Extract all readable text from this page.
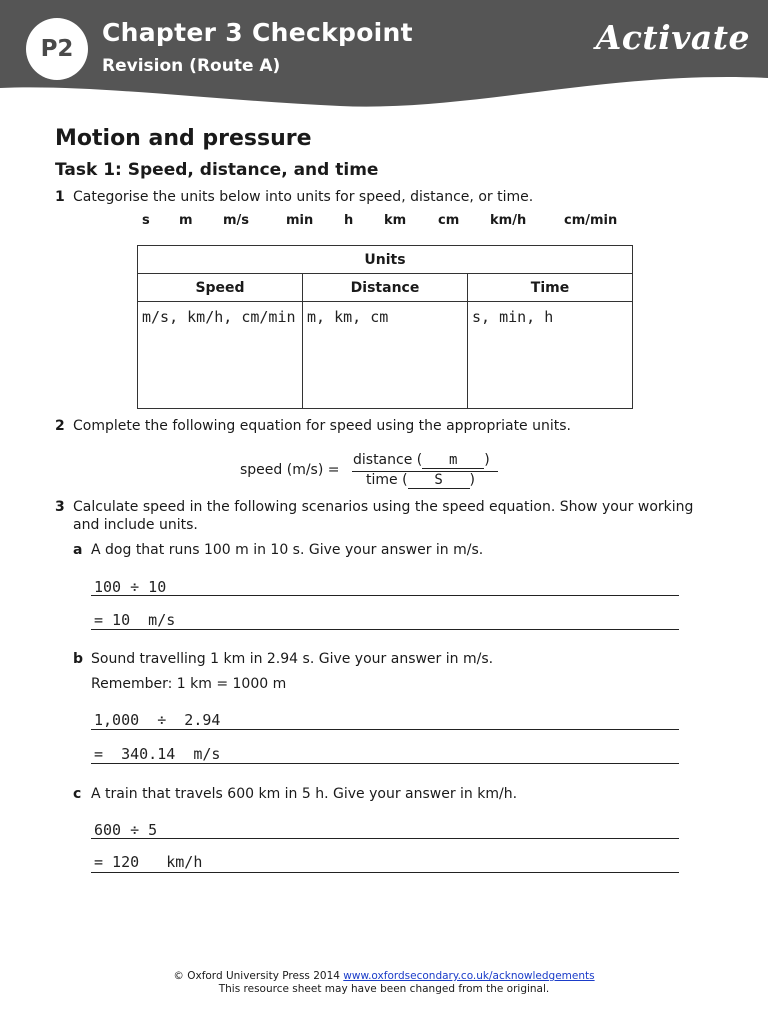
P2
Chapter 3 Checkpoint
Revision (Route A)
Activate
Motion and pressure
Task 1: Speed, distance, and time
1 Categorise the units below into units for speed, distance, or time.
s m m/s	min h km cm km/h	cm/min
Units		
Speed	Distance	Time
m/s, km/h, cm/min	m, km, cm	s, min, h
2 Complete the following equation for speed using the appropriate units.
speed (m/s) =
distance ( m )
time ( S )
3 Calculate speed in the following scenarios using the speed equation. Show your working
and include units.
a A dog that runs 100 m in 10 s. Give your answer in m/s.
100 ÷ 10
= 10  m/s
b Sound travelling 1 km in 2.94 s. Give your answer in m/s.
Remember: 1 km = 1000 m
1,000  ÷  2.94
=  340.14  m/s
c A train that travels 600 km in 5 h. Give your answer in km/h.
600 ÷ 5
= 120   km/h
© Oxford University Press 2014 www.oxfordsecondary.co.uk/acknowledgements
This resource sheet may have been changed from the original.
